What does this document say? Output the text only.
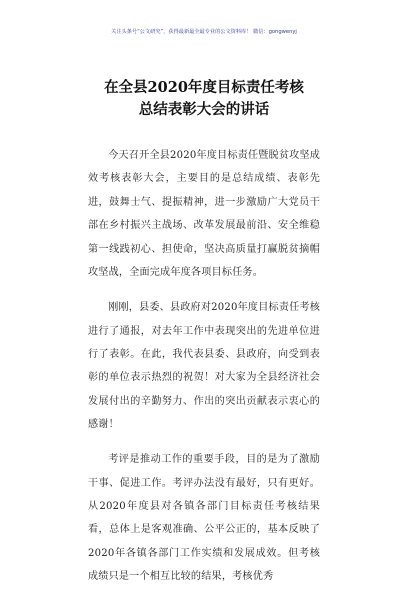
关注头条号“公文研究”，获得最新最全最专业的公文资料库！ 微信：gongwenyj
在全县2020年度目标责任考核
总结表彰大会的讲话

今天召开全县2020年度目标责任暨脱贫攻坚成效考核表彰大会，主要目的是总结成绩、表彰先进，鼓舞士气、提振精神，进一步激励广大党员干部在乡村振兴主战场、改革发展最前沿、安全维稳第一线践初心、担使命，坚决高质量打赢脱贫摘帽攻坚战，全面完成年度各项目标任务。

刚刚，县委、县政府对2020年度目标责任考核进行了通报，对去年工作中表现突出的先进单位进行了表彰。在此，我代表县委、县政府，向受到表彰的单位表示热烈的祝贺！对大家为全县经济社会发展付出的辛勤努力、作出的突出贡献表示衷心的感谢！

考评是推动工作的重要手段，目的是为了激励干事、促进工作。考评办法没有最好，只有更好。从2020年度县对各镇各部门目标责任考核结果看，总体上是客观准确、公平公正的，基本反映了2020年各镇各部门工作实绩和发展成效。但考核成绩只是一个相互比较的结果，考核优秀
